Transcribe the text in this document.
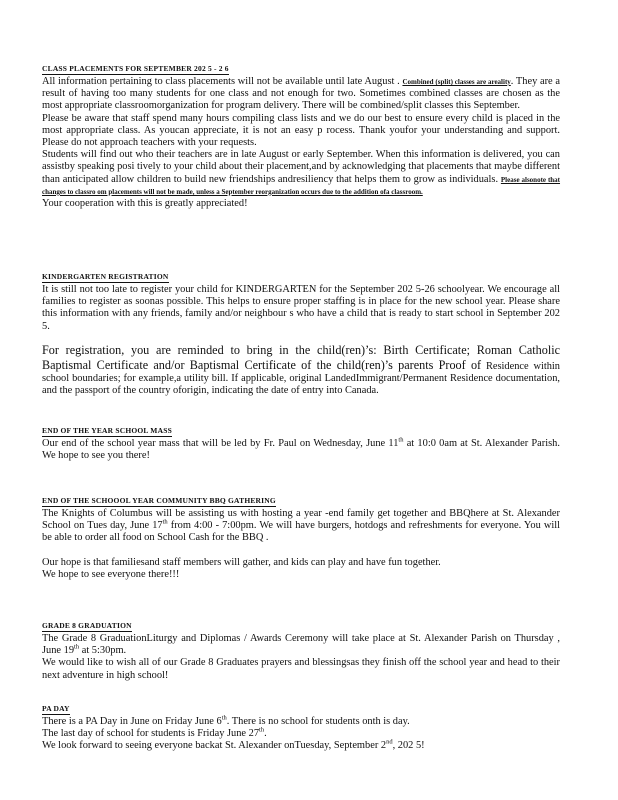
CLASS PLACEMENTS FOR SEPTEMBER 202 5 - 2 6

All information pertaining to class placements will not be available until late August . Combined (split) classes are areality. They are a result of having too many students for one class and not enough for two. Sometimes combined classes are chosen as the most appropriate classroomorganization for program delivery. There will be combined/split classes this September.

Please be aware that staff spend many hours compiling class lists and we do our best to ensure every child is placed in the most appropriate class. As youcan appreciate, it is not an easy p rocess. Thank youfor your understanding and support. Please do not approach teachers with your requests.

Students will find out who their teachers are in late August or early September. When this information is delivered, you can assistby speaking posi tively to your child about their placement,and by acknowledging that placements that maybe different than anticipated allow children to build new friendships andresiliency that helps them to grow as individuals. Please alsonote that changes to classro om placements will not be made, unless a September reorganization occurs due to the addition ofa classroom.

Your cooperation with this is greatly appreciated!

KINDERGARTEN REGISTRATION

It is still not too late to register your child for KINDERGARTEN for the September 202 5-26 schoolyear. We encourage all families to register as soonas possible. This helps to ensure proper staffing is in place for the new school year. Please share this information with any friends, family and/or neighbour s who have a child that is ready to start school in September 202 5.

For registration, you are reminded to bring in the child(ren)’s: Birth Certificate; Roman Catholic Baptismal Certificate and/or Baptismal Certificate of the child(ren)’s parents Proof of Residence within school boundaries; for example,a utility bill. If applicable, original LandedImmigrant/Permanent Residence documentation, and the passport of the country oforigin, indicating the date of entry into Canada.

END OF THE YEAR SCHOOL MASS

Our end of the school year mass that will be led by Fr. Paul on Wednesday, June 11th at 10:0 0am at St. Alexander Parish. We hope to see you there!

END OF THE SCHOOOL YEAR COMMUNITY BBQ GATHERING

The Knights of Columbus will be assisting us with hosting a year -end family get together and BBQhere at St. Alexander School on Tues day, June 17th from 4:00 - 7:00pm. We will have burgers, hotdogs and refreshments for everyone. You will be able to order all food on School Cash for the BBQ .

Our hope is that familiesand staff members will gather, and kids can play and have fun together.

We hope to see everyone there!!!

GRADE 8 GRADUATION

The Grade 8 GraduationLiturgy and Diplomas / Awards Ceremony will take place at St. Alexander Parish on Thursday , June 19th at 5:30pm.

We would like to wish all of our Grade 8 Graduates prayers and blessingsas they finish off the school year and head to their next adventure in high school!

PA DAY

There is a PA Day in June on Friday June 6th. There is no school for students onth is day.

The last day of school for students is Friday June 27th.

We look forward to seeing everyone backat St. Alexander onTuesday, September 2nd, 202 5!
